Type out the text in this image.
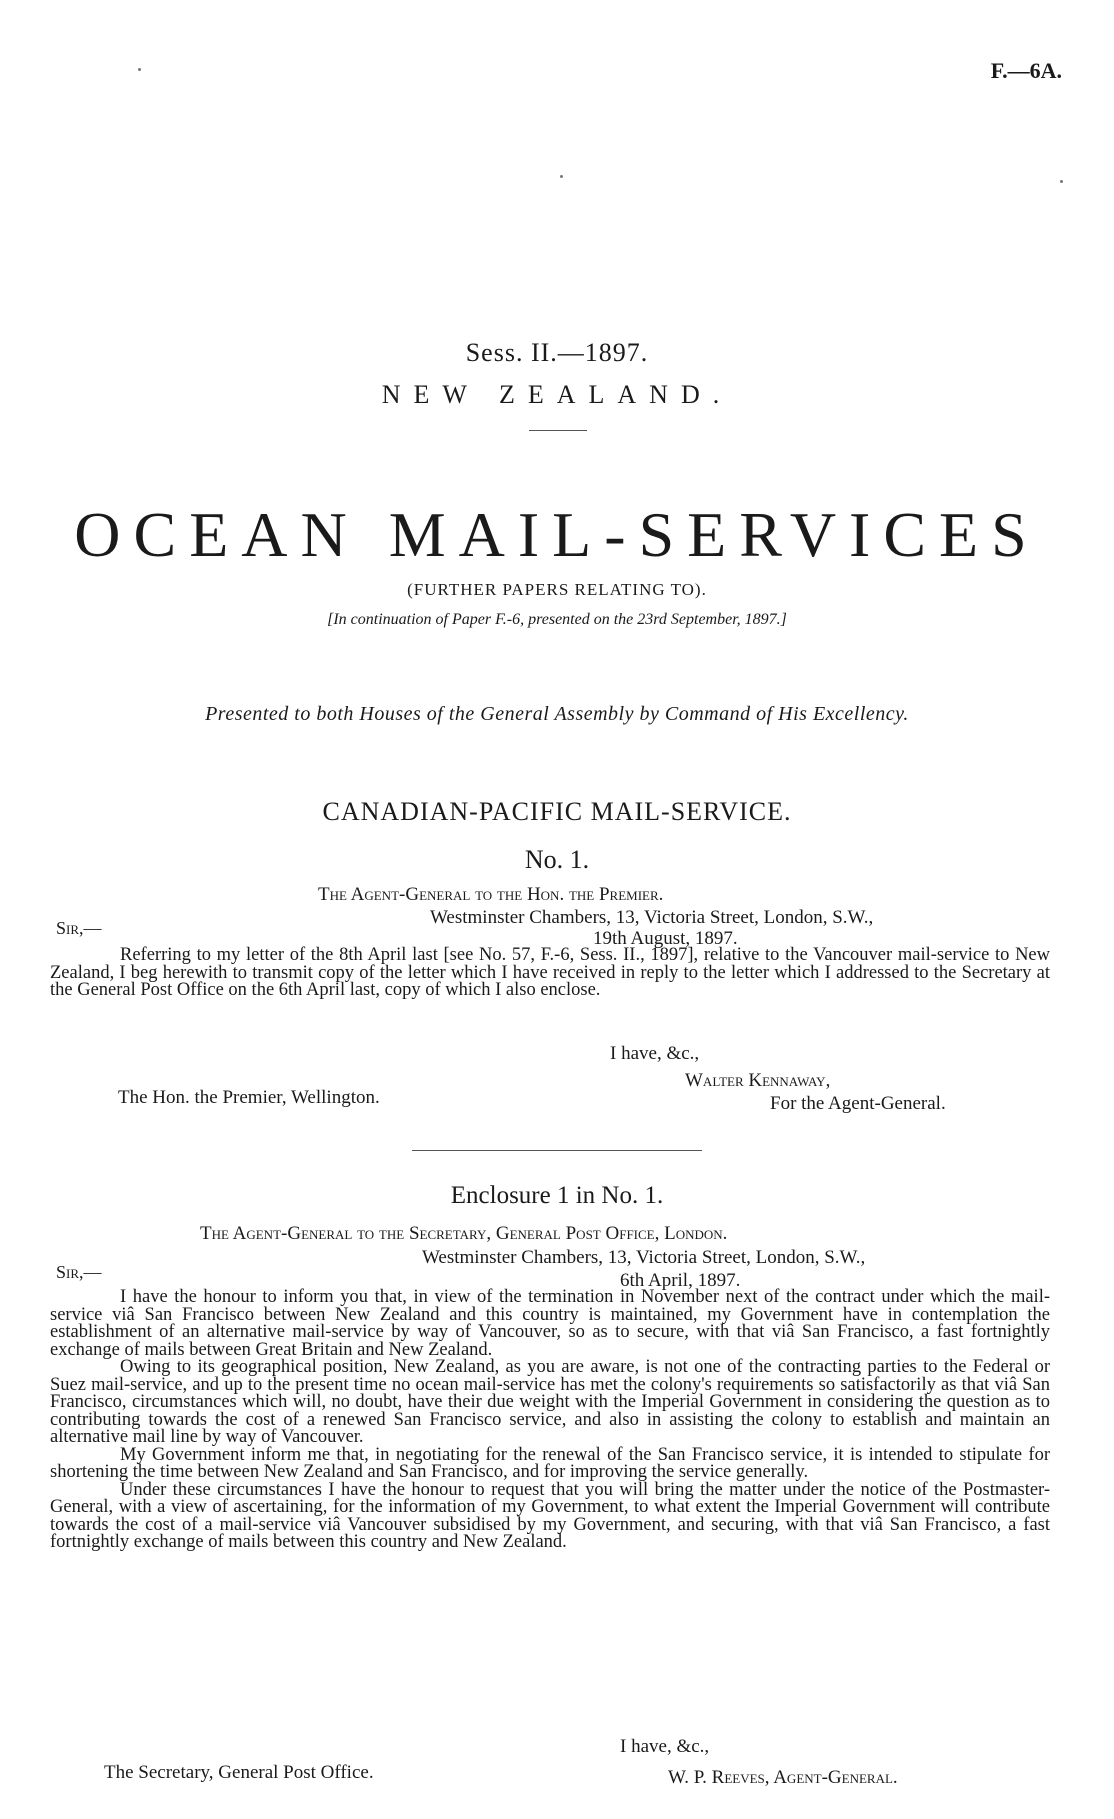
F.—6A.
Sess. II.—1897.
NEW ZEALAND.
OCEAN MAIL-SERVICES
(FURTHER PAPERS RELATING TO).
[In continuation of Paper F.-6, presented on the 23rd September, 1897.]
Presented to both Houses of the General Assembly by Command of His Excellency.
CANADIAN-PACIFIC MAIL-SERVICE.
No. 1.
The Agent-General to the Hon. the Premier.
Westminster Chambers, 13, Victoria Street, London, S.W.,
Sir,—	19th August, 1897.

Referring to my letter of the 8th April last [see No. 57, F.-6, Sess. II., 1897], relative to the Vancouver mail-service to New Zealand, I beg herewith to transmit copy of the letter which I have received in reply to the letter which I addressed to the Secretary at the General Post Office on the 6th April last, copy of which I also enclose.

I have, &c.,
Walter Kennaway,
The Hon. the Premier, Wellington.	For the Agent-General.
Enclosure 1 in No. 1.
The Agent-General to the Secretary, General Post Office, London.
Westminster Chambers, 13, Victoria Street, London, S.W.,
Sir,—	6th April, 1897.

I have the honour to inform you that, in view of the termination in November next of the contract under which the mail-service viâ San Francisco between New Zealand and this country is maintained, my Government have in contemplation the establishment of an alternative mail-service by way of Vancouver, so as to secure, with that viâ San Francisco, a fast fortnightly exchange of mails between Great Britain and New Zealand.

Owing to its geographical position, New Zealand, as you are aware, is not one of the contracting parties to the Federal or Suez mail-service, and up to the present time no ocean mail-service has met the colony's requirements so satisfactorily as that viâ San Francisco, circumstances which will, no doubt, have their due weight with the Imperial Government in considering the question as to contributing towards the cost of a renewed San Francisco service, and also in assisting the colony to establish and maintain an alternative mail line by way of Vancouver.

My Government inform me that, in negotiating for the renewal of the San Francisco service, it is intended to stipulate for shortening the time between New Zealand and San Francisco, and for improving the service generally.

Under these circumstances I have the honour to request that you will bring the matter under the notice of the Postmaster-General, with a view of ascertaining, for the information of my Government, to what extent the Imperial Government will contribute towards the cost of a mail-service viâ Vancouver subsidised by my Government, and securing, with that viâ San Francisco, a fast fortnightly exchange of mails between this country and New Zealand.

I have, &c.,
The Secretary, General Post Office.	W. P. Reeves, Agent-General.
